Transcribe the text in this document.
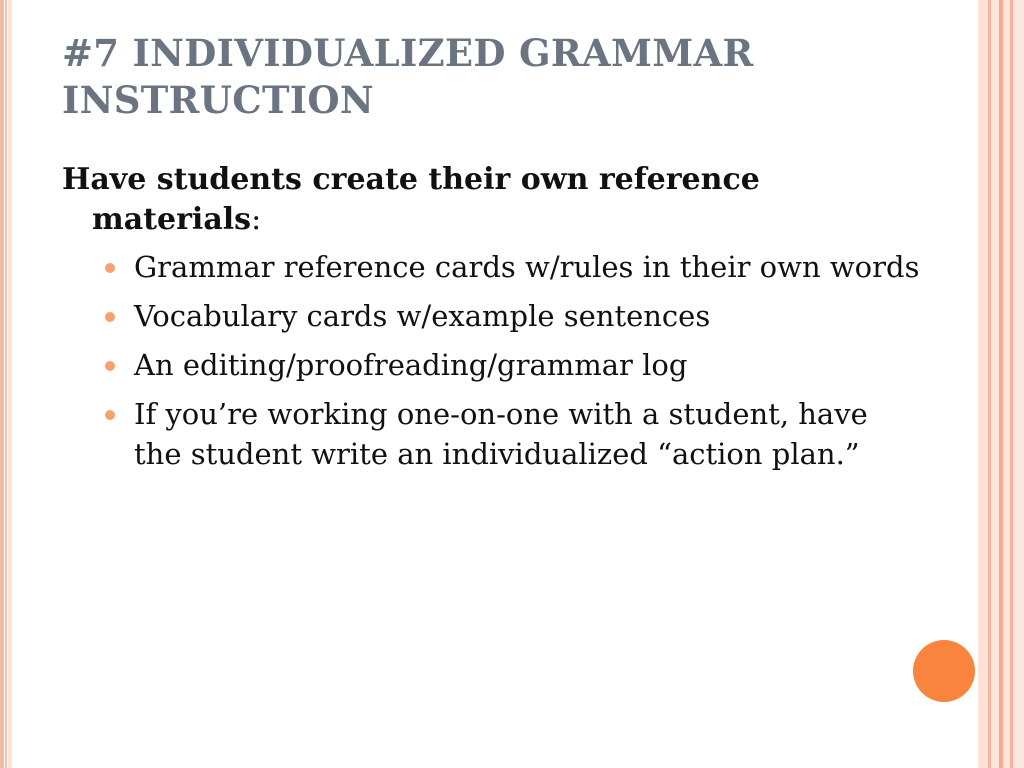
#7 INDIVIDUALIZED GRAMMAR INSTRUCTION

Have students create their own reference materials:

Grammar reference cards w/rules in their own words
Vocabulary cards w/example sentences
An editing/proofreading/grammar log
If you’re working one-on-one with a student, have the student write an individualized “action plan.”
